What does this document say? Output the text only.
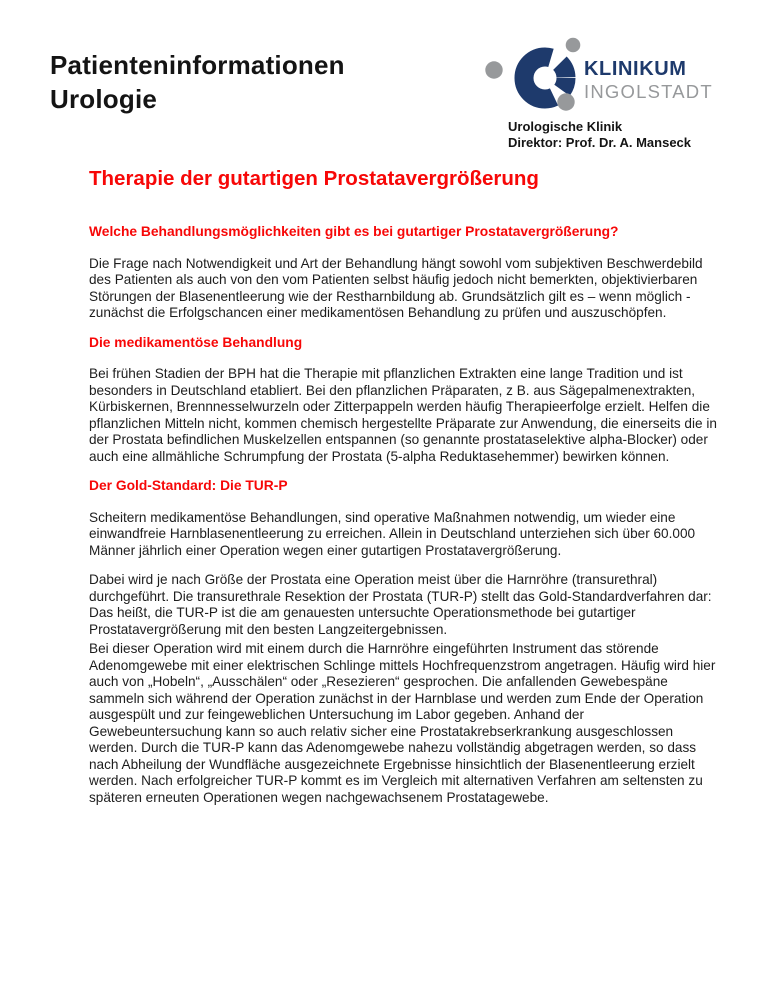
Patienteninformationen
Urologie
KLINIKUM
INGOLSTADT
Urologische Klinik
Direktor: Prof. Dr. A. Manseck
Therapie der gutartigen Prostatavergrößerung
Welche Behandlungsmöglichkeiten gibt es bei gutartiger Prostatavergrößerung?

Die Frage nach Notwendigkeit und Art der Behandlung hängt sowohl vom subjektiven Beschwerdebild des Patienten als auch von den vom Patienten selbst häufig jedoch nicht bemerkten, objektivierbaren Störungen der Blasenentleerung wie der Restharnbildung ab. Grundsätzlich gilt es – wenn möglich - zunächst die Erfolgschancen einer medikamentösen Behandlung zu prüfen und auszuschöpfen.

Die medikamentöse Behandlung

Bei frühen Stadien der BPH hat die Therapie mit pflanzlichen Extrakten eine lange Tradition und ist besonders in Deutschland etabliert. Bei den pflanzlichen Präparaten, z B. aus Sägepalmenextrakten, Kürbiskernen, Brennnesselwurzeln oder Zitterpappeln werden häufig Therapieerfolge erzielt. Helfen die pflanzlichen Mitteln nicht, kommen chemisch hergestellte Präparate zur Anwendung, die einerseits die in der Prostata befindlichen Muskelzellen entspannen (so genannte prostataselektive alpha-Blocker) oder auch eine allmähliche Schrumpfung der Prostata (5-alpha Reduktasehemmer) bewirken können.

Der Gold-Standard: Die TUR-P

Scheitern medikamentöse Behandlungen, sind operative Maßnahmen notwendig, um wieder eine einwandfreie Harnblasenentleerung zu erreichen. Allein in Deutschland unterziehen sich über 60.000 Männer jährlich einer Operation wegen einer gutartigen Prostatavergrößerung.

Dabei wird je nach Größe der Prostata eine Operation meist über die Harnröhre (transurethral) durchgeführt. Die transurethrale Resektion der Prostata (TUR-P) stellt das Gold-Standardverfahren dar: Das heißt, die TUR-P ist die am genauesten untersuchte Operationsmethode bei gutartiger Prostatavergrößerung mit den besten Langzeitergebnissen.

Bei dieser Operation wird mit einem durch die Harnröhre eingeführten Instrument das störende Adenomgewebe mit einer elektrischen Schlinge mittels Hochfrequenzstrom angetragen. Häufig wird hier auch von „Hobeln“, „Ausschälen“ oder „Resezieren“ gesprochen. Die anfallenden Gewebespäne sammeln sich während der Operation zunächst in der Harnblase und werden zum Ende der Operation ausgespült und zur feingeweblichen Untersuchung im Labor gegeben. Anhand der Gewebeuntersuchung kann so auch relativ sicher eine Prostatakrebserkrankung ausgeschlossen werden. Durch die TUR-P kann das Adenomgewebe nahezu vollständig abgetragen werden, so dass nach Abheilung der Wundfläche ausgezeichnete Ergebnisse hinsichtlich der Blasenentleerung erzielt werden. Nach erfolgreicher TUR-P kommt es im Vergleich mit alternativen Verfahren am seltensten zu späteren erneuten Operationen wegen nachgewachsenem Prostatagewebe.
